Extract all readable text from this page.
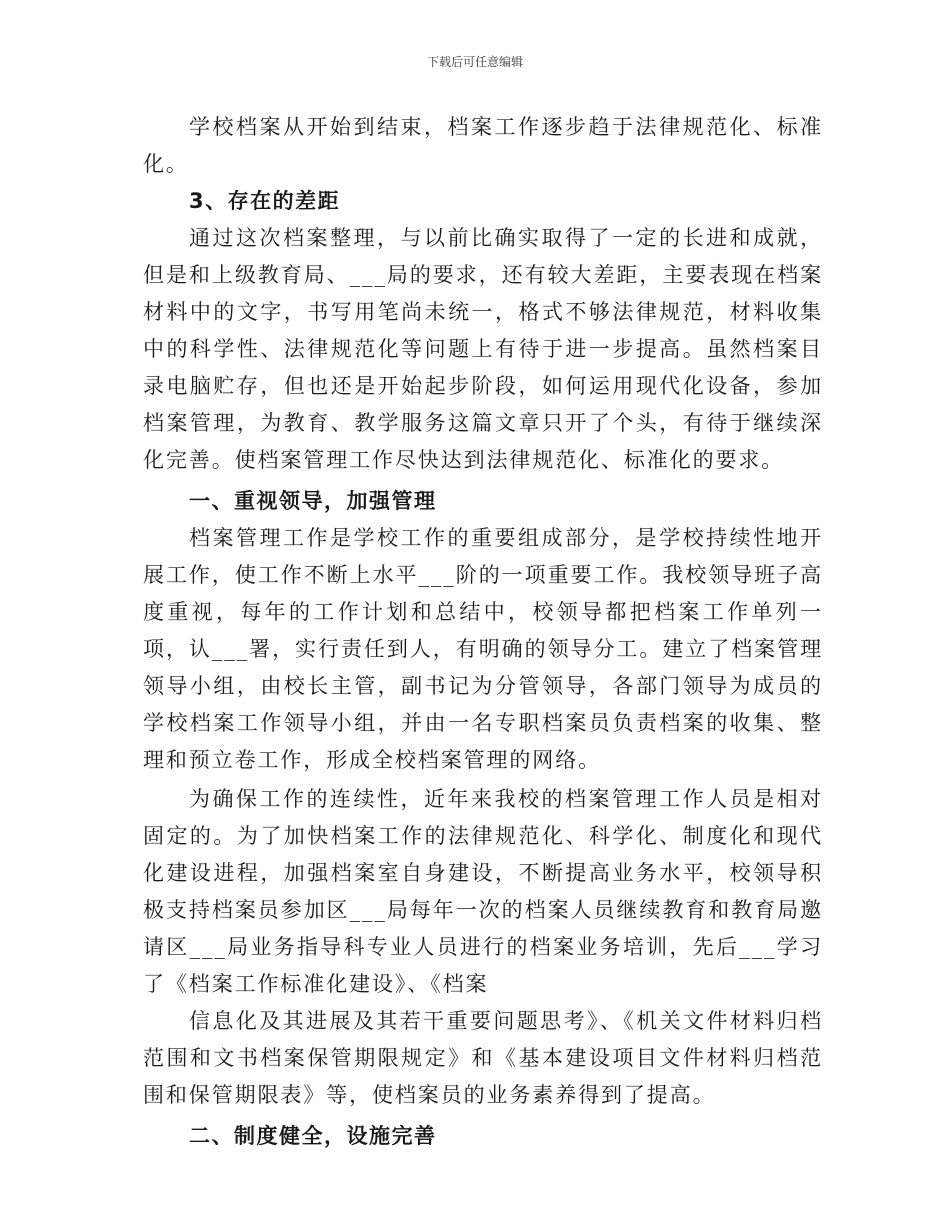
下载后可任意编辑

学校档案从开始到结束，档案工作逐步趋于法律规范化、标准化。

3、存在的差距

通过这次档案整理，与以前比确实取得了一定的长进和成就，但是和上级教育局、___局的要求，还有较大差距，主要表现在档案材料中的文字，书写用笔尚未统一，格式不够法律规范，材料收集中的科学性、法律规范化等问题上有待于进一步提高。虽然档案目录电脑贮存，但也还是开始起步阶段，如何运用现代化设备，参加档案管理，为教育、教学服务这篇文章只开了个头，有待于继续深化完善。使档案管理工作尽快达到法律规范化、标准化的要求。

一、重视领导，加强管理

档案管理工作是学校工作的重要组成部分，是学校持续性地开展工作，使工作不断上水平___阶的一项重要工作。我校领导班子高度重视，每年的工作计划和总结中，校领导都把档案工作单列一项，认___署，实行责任到人，有明确的领导分工。建立了档案管理领导小组，由校长主管，副书记为分管领导，各部门领导为成员的学校档案工作领导小组，并由一名专职档案员负责档案的收集、整理和预立卷工作，形成全校档案管理的网络。

为确保工作的连续性，近年来我校的档案管理工作人员是相对固定的。为了加快档案工作的法律规范化、科学化、制度化和现代化建设进程，加强档案室自身建设，不断提高业务水平，校领导积极支持档案员参加区___局每年一次的档案人员继续教育和教育局邀请区___局业务指导科专业人员进行的档案业务培训，先后___学习了《档案工作标准化建设》、《档案

信息化及其进展及其若干重要问题思考》、《机关文件材料归档范围和文书档案保管期限规定》和《基本建设项目文件材料归档范围和保管期限表》等，使档案员的业务素养得到了提高。

二、制度健全，设施完善
